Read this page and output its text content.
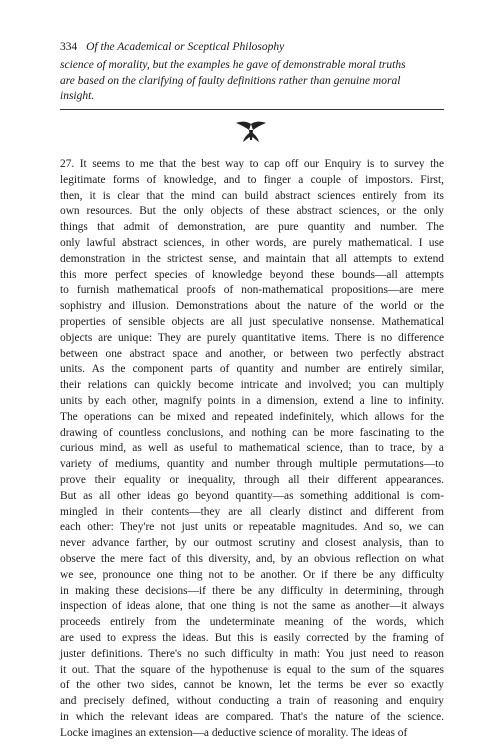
334 Of the Academical or Sceptical Philosophy

science of morality, but the examples he gave of demonstrable moral truths

are based on the clarifying of faulty definitions rather than genuine moral

insight.

27. It seems to me that the best way to cap off our Enquiry is to survey the
legitimate forms of knowledge, and to finger a couple of impostors. First,
then, it is clear that the mind can build abstract sciences entirely from its
own resources. But the only objects of these abstract sciences, or the only
things that admit of demonstration, are pure quantity and number. The
only lawful abstract sciences, in other words, are purely mathematical. I use
demonstration in the strictest sense, and maintain that all attempts to extend
this more perfect species of knowledge beyond these bounds—all attempts
to furnish mathematical proofs of non-mathematical propositions—are mere
sophistry and illusion. Demonstrations about the nature of the world or the
properties of sensible objects are all just speculative nonsense. Mathematical
objects are unique: They are purely quantitative items. There is no difference
between one abstract space and another, or between two perfectly abstract
units. As the component parts of quantity and number are entirely similar,
their relations can quickly become intricate and involved; you can multiply
units by each other, magnify points in a dimension, extend a line to infinity.
The operations can be mixed and repeated indefinitely, which allows for the
drawing of countless conclusions, and nothing can be more fascinating to the
curious mind, as well as useful to mathematical science, than to trace, by a
variety of mediums, quantity and number through multiple permutations—to
prove their equality or inequality, through all their different appearances.
But as all other ideas go beyond quantity—as something additional is com-
mingled in their contents—they are all clearly distinct and different from
each other: They're not just units or repeatable magnitudes. And so, we can
never advance farther, by our outmost scrutiny and closest analysis, than to
observe the mere fact of this diversity, and, by an obvious reflection on what
we see, pronounce one thing not to be another. Or if there be any difficulty
in making these decisions—if there be any difficulty in determining, through
inspection of ideas alone, that one thing is not the same as another—it always
proceeds entirely from the undeterminate meaning of the words, which
are used to express the ideas. But this is easily corrected by the framing of
juster definitions. There's no such difficulty in math: You just need to reason
it out. That the square of the hypothenuse is equal to the sum of the squares
of the other two sides, cannot be known, let the terms be ever so exactly
and precisely defined, without conducting a train of reasoning and enquiry
in which the relevant ideas are compared. That's the nature of the science.
Locke imagines an extension—a deductive science of morality. The ideas of
